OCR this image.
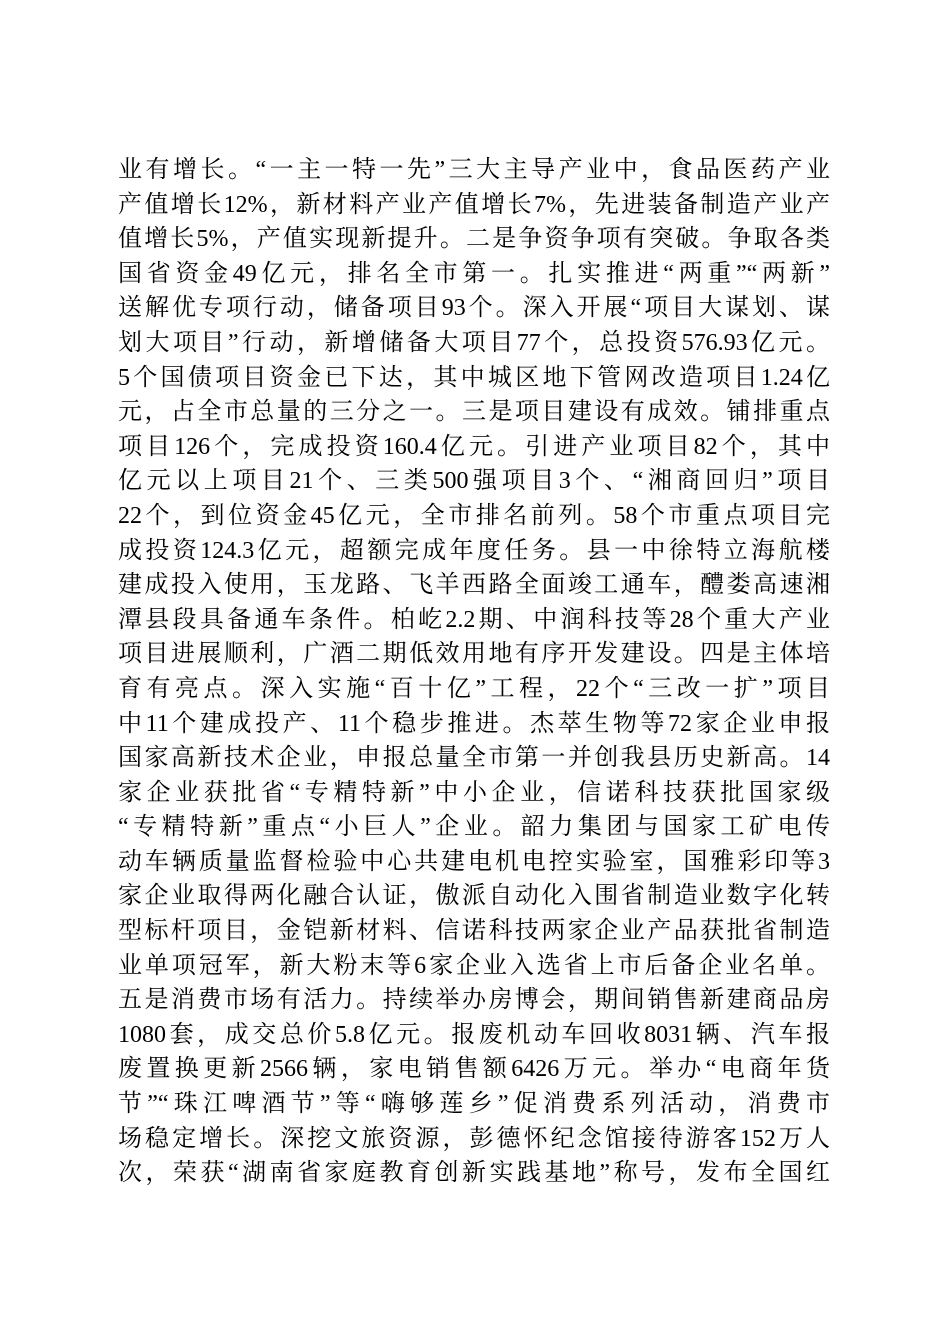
业有增长。“一主一特一先”三大主导产业中，食品医药产业
产值增长12%，新材料产业产值增长7%，先进装备制造产业产
值增长5%，产值实现新提升。二是争资争项有突破。争取各类
国省资金49亿元，排名全市第一。扎实推进“两重”“两新”
送解优专项行动，储备项目93个。深入开展“项目大谋划、谋
划大项目”行动，新增储备大项目77个，总投资576.93亿元。
5个国债项目资金已下达，其中城区地下管网改造项目1.24亿
元，占全市总量的三分之一。三是项目建设有成效。铺排重点
项目126个，完成投资160.4亿元。引进产业项目82个，其中
亿元以上项目21个、三类500强项目3个、“湘商回归”项目
22个，到位资金45亿元，全市排名前列。58个市重点项目完
成投资124.3亿元，超额完成年度任务。县一中徐特立海航楼
建成投入使用，玉龙路、飞羊西路全面竣工通车，醴娄高速湘
潭县段具备通车条件。柏屹2.2期、中润科技等28个重大产业
项目进展顺利，广酒二期低效用地有序开发建设。四是主体培
育有亮点。深入实施“百十亿”工程，22个“三改一扩”项目
中11个建成投产、11个稳步推进。杰萃生物等72家企业申报
国家高新技术企业，申报总量全市第一并创我县历史新高。14
家企业获批省“专精特新”中小企业，信诺科技获批国家级
“专精特新”重点“小巨人”企业。韶力集团与国家工矿电传
动车辆质量监督检验中心共建电机电控实验室，国雅彩印等3
家企业取得两化融合认证，傲派自动化入围省制造业数字化转
型标杆项目，金铠新材料、信诺科技两家企业产品获批省制造
业单项冠军，新大粉末等6家企业入选省上市后备企业名单。
五是消费市场有活力。持续举办房博会，期间销售新建商品房
1080套，成交总价5.8亿元。报废机动车回收8031辆、汽车报
废置换更新2566辆，家电销售额6426万元。举办“电商年货
节”“珠江啤酒节”等“嗨够莲乡”促消费系列活动，消费市
场稳定增长。深挖文旅资源，彭德怀纪念馆接待游客152万人
次，荣获“湖南省家庭教育创新实践基地”称号，发布全国红
